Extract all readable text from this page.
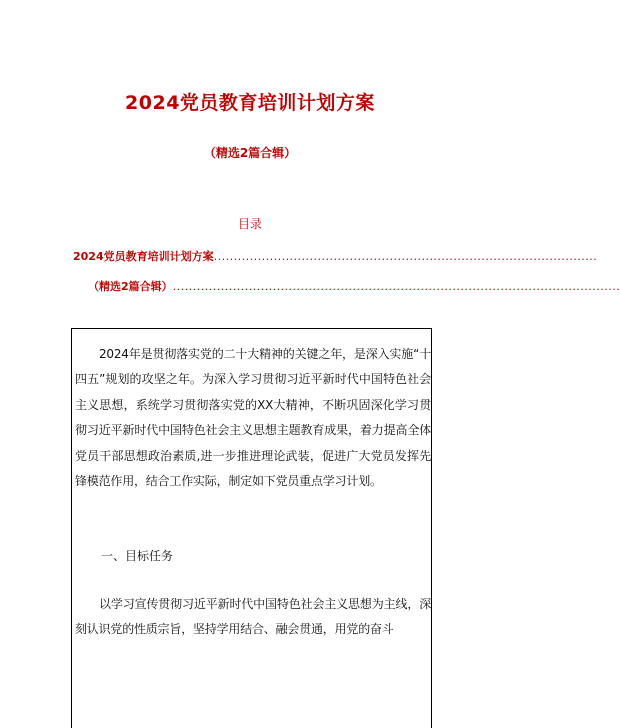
2024党员教育培训计划方案
（精选2篇合辑）
目录
2024党员教育培训计划方案 ................................................................................................
（精选2篇合辑） ................................................................................................................

2024年是贯彻落实党的二十大精神的关键之年，是深入实施“十四五”规划的攻坚之年。为深入学习贯彻习近平新时代中国特色社会主义思想，系统学习贯彻落实党的XX大精神，不断巩固深化学习贯彻习近平新时代中国特色社会主义思想主题教育成果，着力提高全体党员干部思想政治素质,进一步推进理论武装，促进广大党员发挥先锋模范作用，结合工作实际，制定如下党员重点学习计划。

一、目标任务

以学习宣传贯彻习近平新时代中国特色社会主义思想为主线，深刻认识党的性质宗旨，坚持学用结合、融会贯通，用党的奋斗
